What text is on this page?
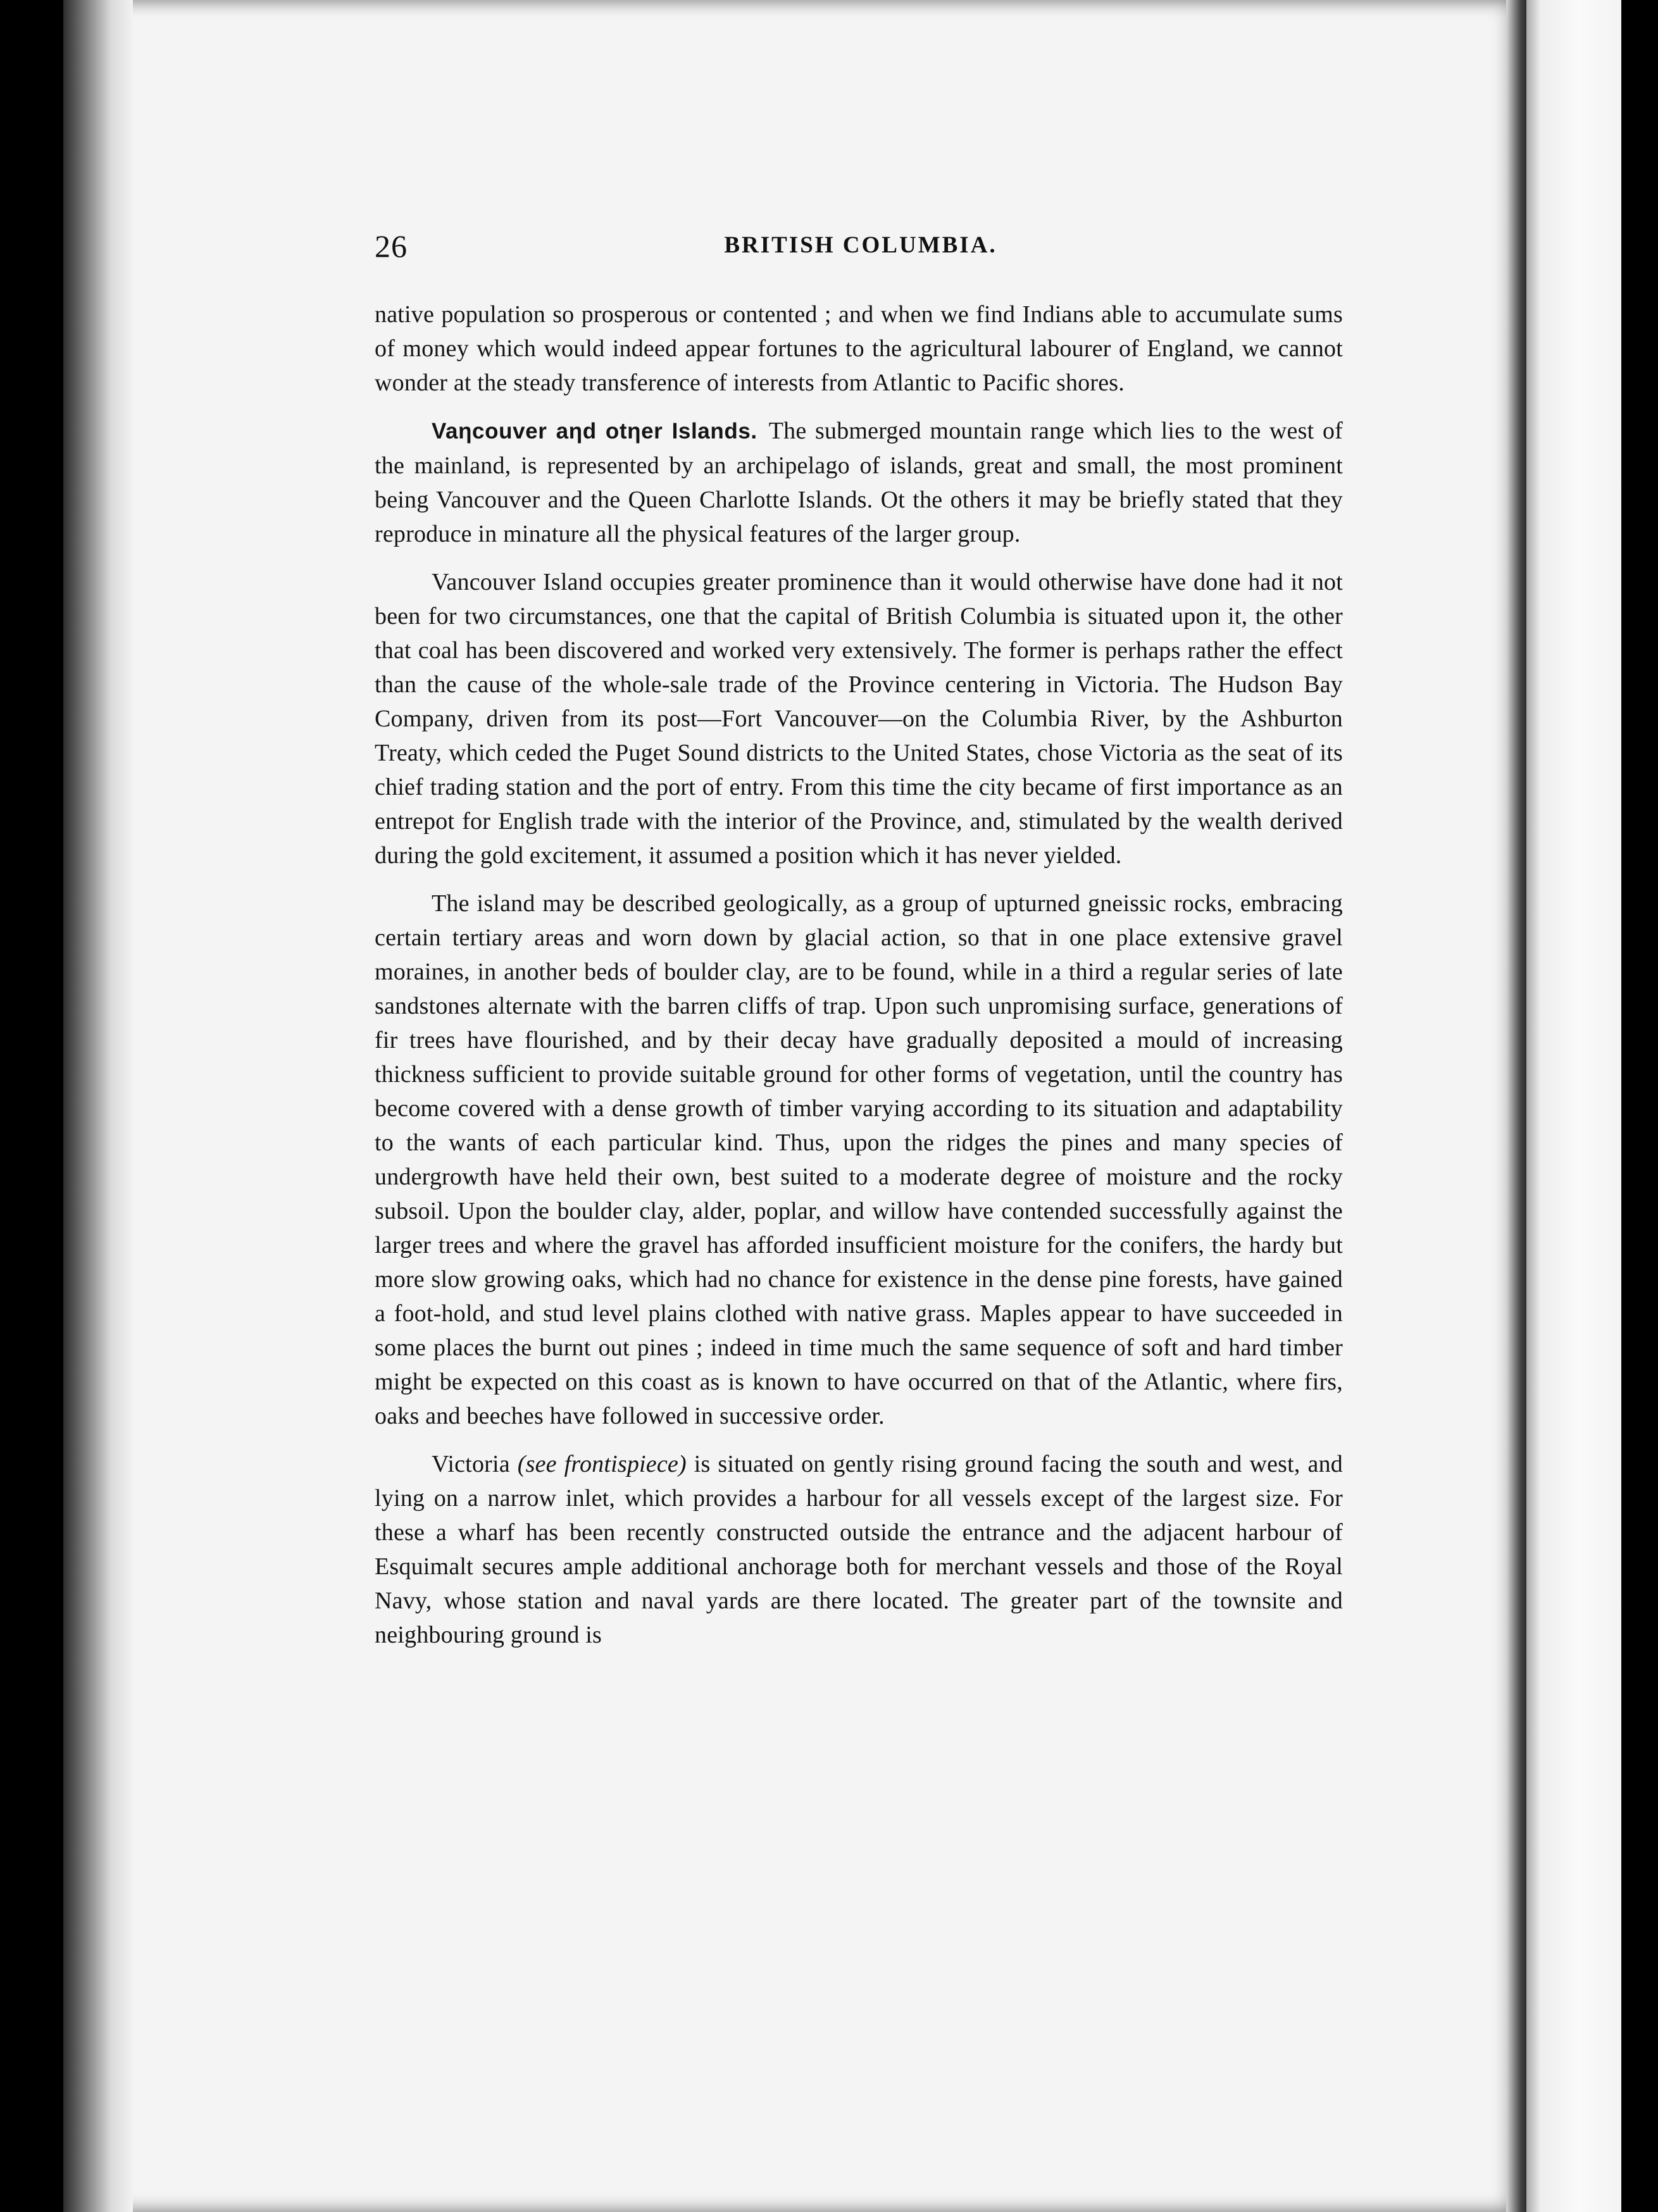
26	BRITISH COLUMBIA.

native population so prosperous or contented ; and when we find Indians able to accumulate sums of money which would indeed appear fortunes to the agricultural labourer of England, we cannot wonder at the steady transference of interests from Atlantic to Pacific shores.

Vaηcouver aηd otηer Islands. The submerged mountain range which lies to the west of the mainland, is represented by an archipelago of islands, great and small, the most prominent being Vancouver and the Queen Charlotte Islands. Ot the others it may be briefly stated that they reproduce in minature all the physical features of the larger group.

Vancouver Island occupies greater prominence than it would otherwise have done had it not been for two circumstances, one that the capital of British Columbia is situated upon it, the other that coal has been discovered and worked very extensively. The former is perhaps rather the effect than the cause of the whole-sale trade of the Province centering in Victoria. The Hudson Bay Company, driven from its post—Fort Vancouver—on the Columbia River, by the Ashburton Treaty, which ceded the Puget Sound districts to the United States, chose Victoria as the seat of its chief trading station and the port of entry. From this time the city became of first importance as an entrepot for English trade with the interior of the Province, and, stimulated by the wealth derived during the gold excitement, it assumed a position which it has never yielded.

The island may be described geologically, as a group of upturned gneissic rocks, embracing certain tertiary areas and worn down by glacial action, so that in one place extensive gravel moraines, in another beds of boulder clay, are to be found, while in a third a regular series of late sandstones alternate with the barren cliffs of trap. Upon such unpromising surface, generations of fir trees have flourished, and by their decay have gradually deposited a mould of increasing thickness sufficient to provide suitable ground for other forms of vegetation, until the country has become covered with a dense growth of timber varying according to its situation and adaptability to the wants of each particular kind. Thus, upon the ridges the pines and many species of undergrowth have held their own, best suited to a moderate degree of moisture and the rocky subsoil. Upon the boulder clay, alder, poplar, and willow have contended successfully against the larger trees and where the gravel has afforded insufficient moisture for the conifers, the hardy but more slow growing oaks, which had no chance for existence in the dense pine forests, have gained a foot-hold, and stud level plains clothed with native grass. Maples appear to have succeeded in some places the burnt out pines ; indeed in time much the same sequence of soft and hard timber might be expected on this coast as is known to have occurred on that of the Atlantic, where firs, oaks and beeches have followed in successive order.

Victoria (see frontispiece) is situated on gently rising ground facing the south and west, and lying on a narrow inlet, which provides a harbour for all vessels except of the largest size. For these a wharf has been recently constructed outside the entrance and the adjacent harbour of Esquimalt secures ample additional anchorage both for merchant vessels and those of the Royal Navy, whose station and naval yards are there located. The greater part of the townsite and neighbouring ground is
